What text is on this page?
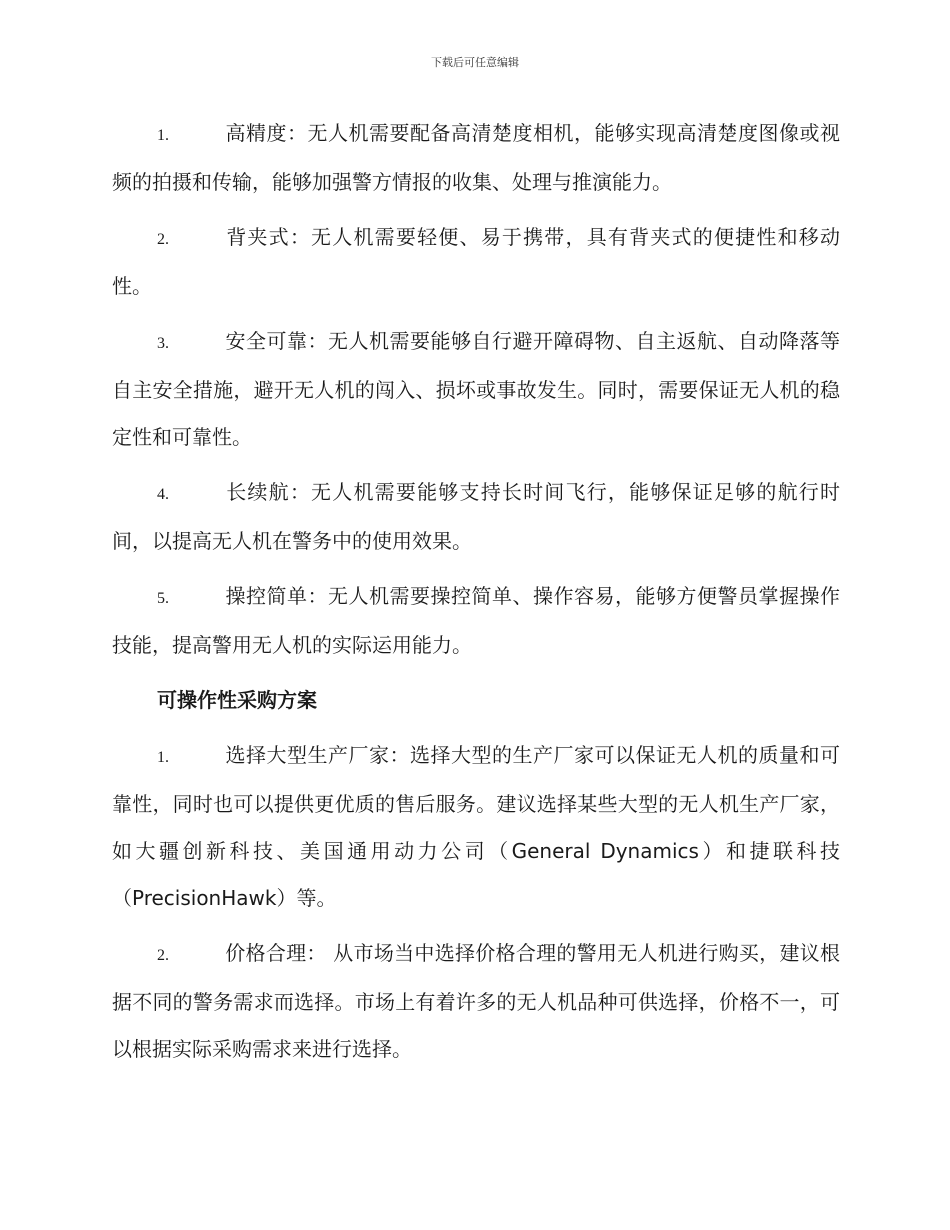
下载后可任意编辑

1.	高精度：无人机需要配备高清楚度相机，能够实现高清楚度图像或视频的拍摄和传输，能够加强警方情报的收集、处理与推演能力。

2.	背夹式：无人机需要轻便、易于携带，具有背夹式的便捷性和移动性。

3.	安全可靠：无人机需要能够自行避开障碍物、自主返航、自动降落等自主安全措施，避开无人机的闯入、损坏或事故发生。同时，需要保证无人机的稳定性和可靠性。

4.	长续航：无人机需要能够支持长时间飞行，能够保证足够的航行时间，以提高无人机在警务中的使用效果。

5.	操控简单：无人机需要操控简单、操作容易，能够方便警员掌握操作技能，提高警用无人机的实际运用能力。

可操作性采购方案

1.	选择大型生产厂家：选择大型的生产厂家可以保证无人机的质量和可靠性，同时也可以提供更优质的售后服务。建议选择某些大型的无人机生产厂家，如大疆创新科技、美国通用动力公司（General Dynamics）和捷联科技（PrecisionHawk）等。

2.	价格合理： 从市场当中选择价格合理的警用无人机进行购买，建议根据不同的警务需求而选择。市场上有着许多的无人机品种可供选择，价格不一，可以根据实际采购需求来进行选择。
